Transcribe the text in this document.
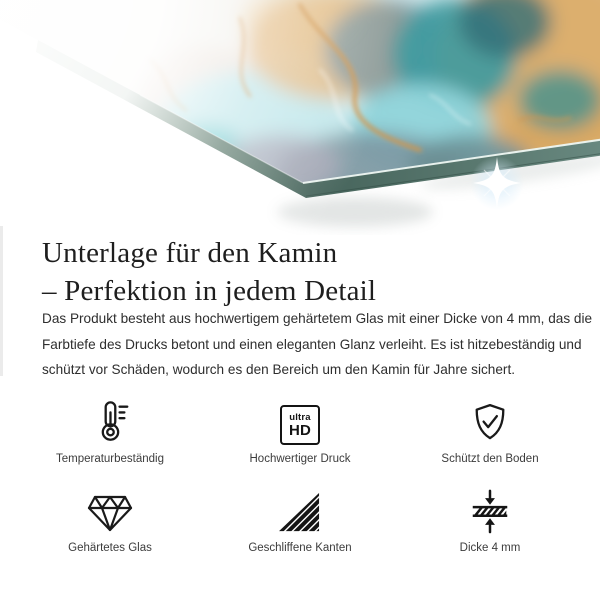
Unterlage für den Kamin
– Perfektion in jedem Detail

Das Produkt besteht aus hochwertigem gehärtetem Glas mit einer Dicke von 4 mm, das die
Farbtiefe des Drucks betont und einen eleganten Glanz verleiht. Es ist hitzebeständig und
schützt vor Schäden, wodurch es den Bereich um den Kamin für Jahre sichert.

Temperaturbeständig
ultra
HD
Hochwertiger Druck	Schützt den Boden
Gehärtetes Glas	Geschliffene Kanten	Dicke 4 mm
